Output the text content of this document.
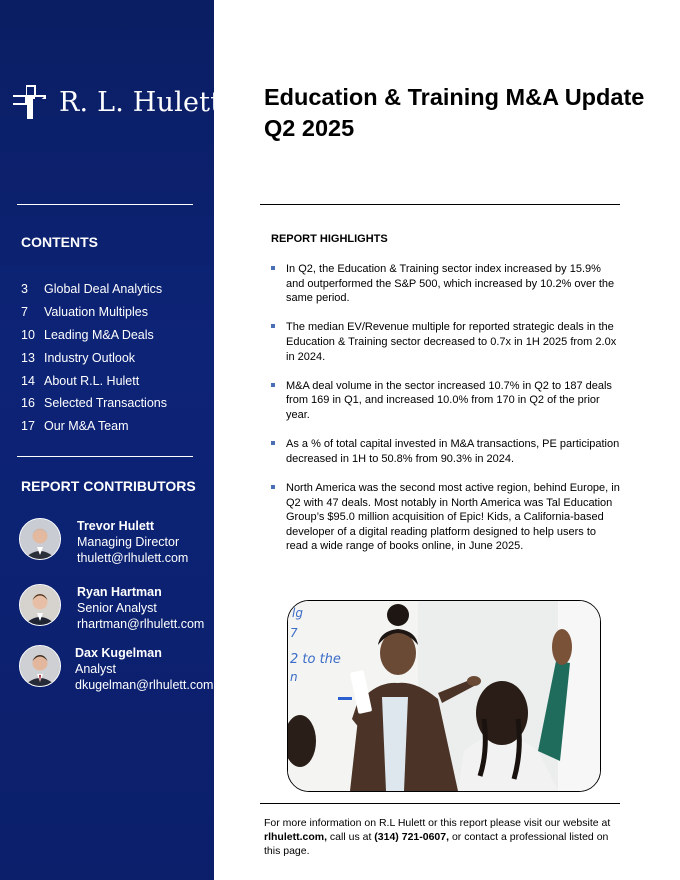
R. L. Hulett
CONTENTS
3	Global Deal Analytics
7	Valuation Multiples
10 Leading M&A Deals
13 Industry Outlook
14 About R.L. Hulett
16 Selected Transactions
17 Our M&A Team
REPORT CONTRIBUTORS
Trevor Hulett
Managing Director
thulett@rlhulett.com
Ryan Hartman
Senior Analyst
rhartman@rlhulett.com
Dax Kugelman
Analyst
dkugelman@rlhulett.com
Education & Training M&A Update
Q2 2025
REPORT HIGHLIGHTS
In Q2, the Education & Training sector index increased by 15.9% and outperformed the S&P 500, which increased by 10.2% over the same period.
The median EV/Revenue multiple for reported strategic deals in the Education & Training sector decreased to 0.7x in 1H 2025 from 2.0x in 2024.
M&A deal volume in the sector increased 10.7% in Q2 to 187 deals from 169 in Q1, and increased 10.0% from 170 in Q2 of the prior year.
As a % of total capital invested in M&A transactions, PE participation decreased in 1H to 50.8% from 90.3% in 2024.
North America was the second most active region, behind Europe, in Q2 with 47 deals. Most notably in North America was Tal Education Group’s $95.0 million acquisition of Epic! Kids, a California-based developer of a digital reading platform designed to help users to read a wide range of books online, in June 2025.
lg
7
2 to the
n
For more information on R.L Hulett or this report please visit our website at rlhulett.com, call us at (314) 721-0607, or contact a professional listed on this page.
